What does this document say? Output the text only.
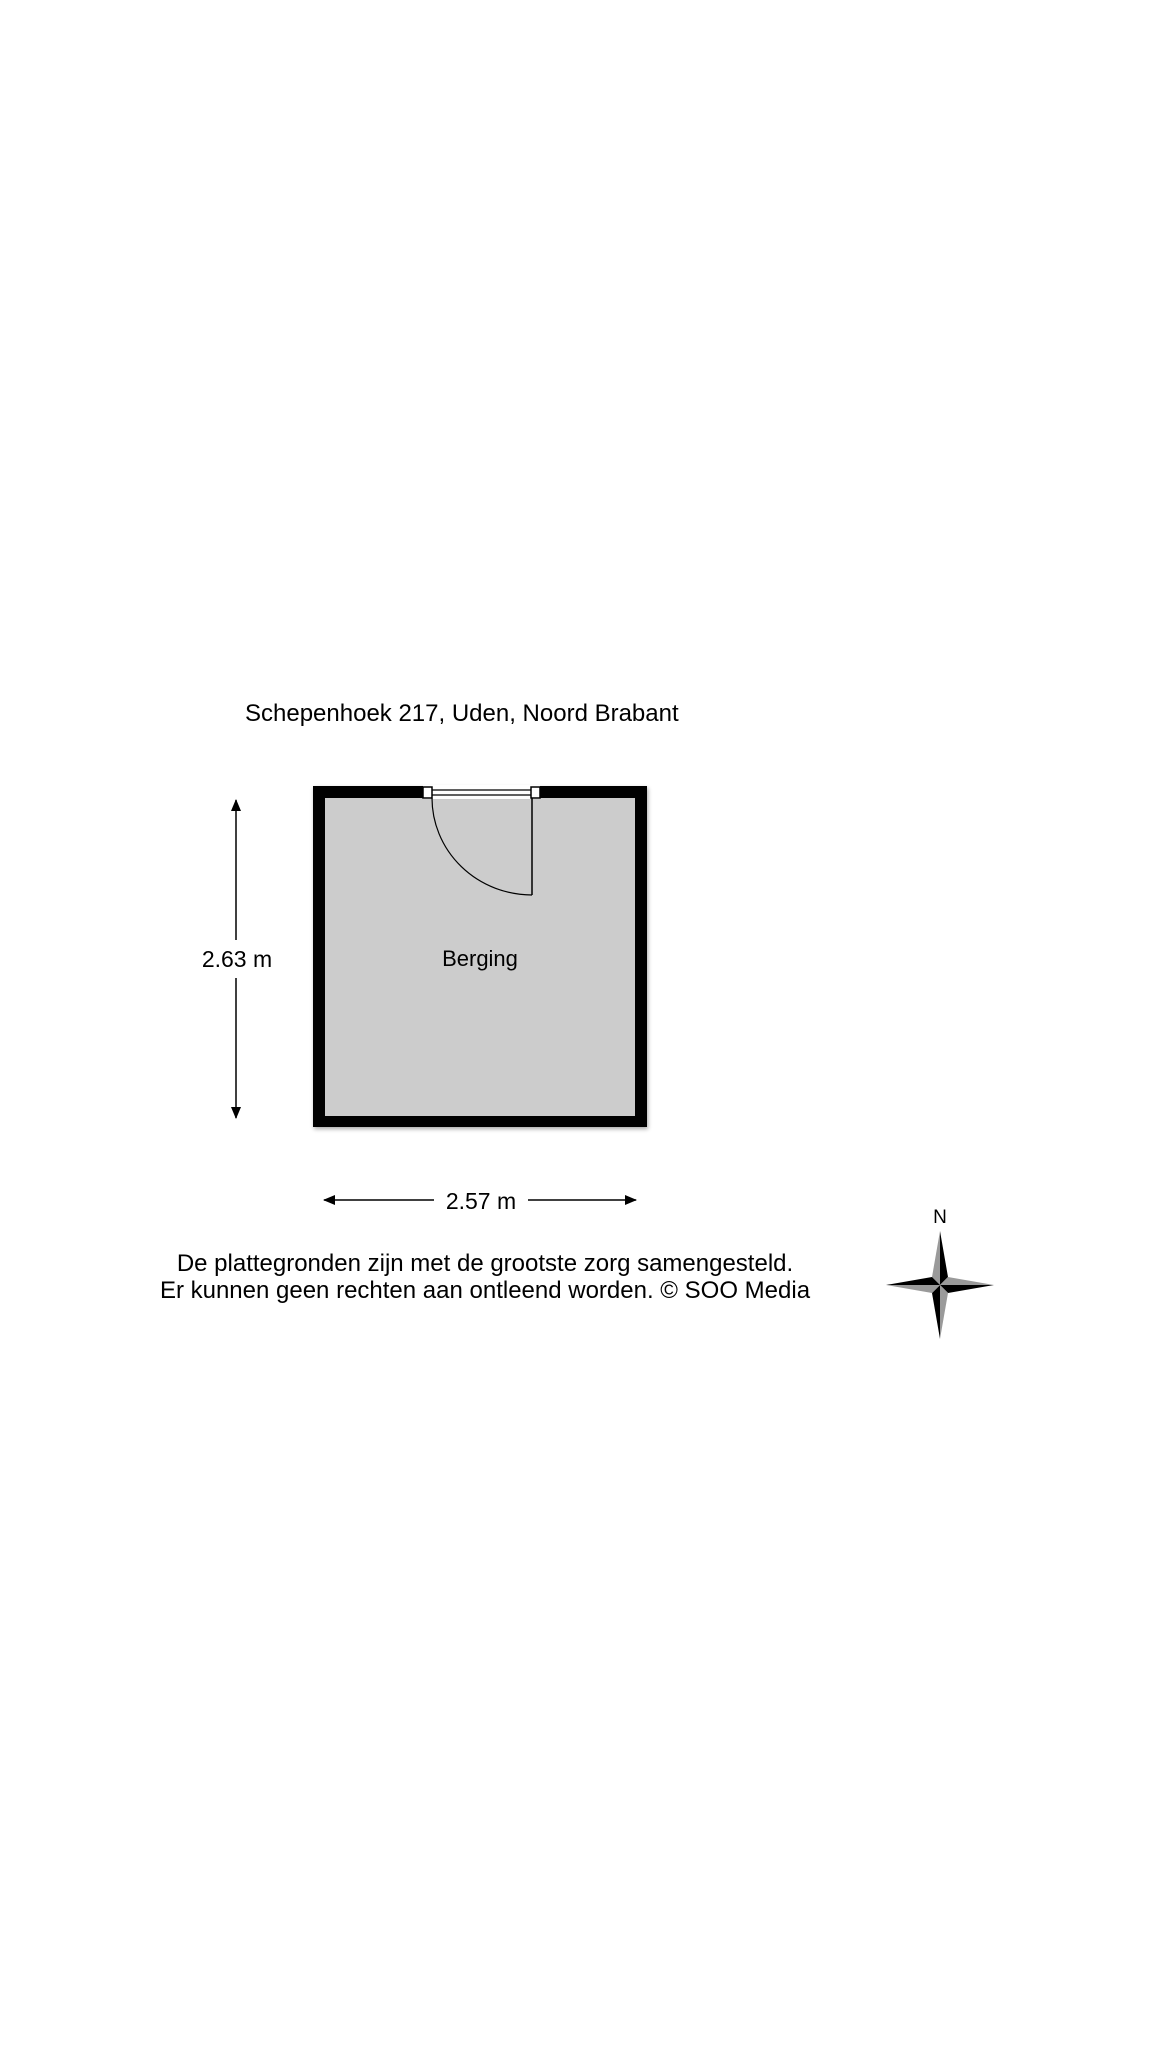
Schepenhoek 217, Uden, Noord Brabant
Berging
2.63 m
2.57 m
N
De plattegronden zijn met de grootste zorg samengesteld.
Er kunnen geen rechten aan ontleend worden. © SOO Media
